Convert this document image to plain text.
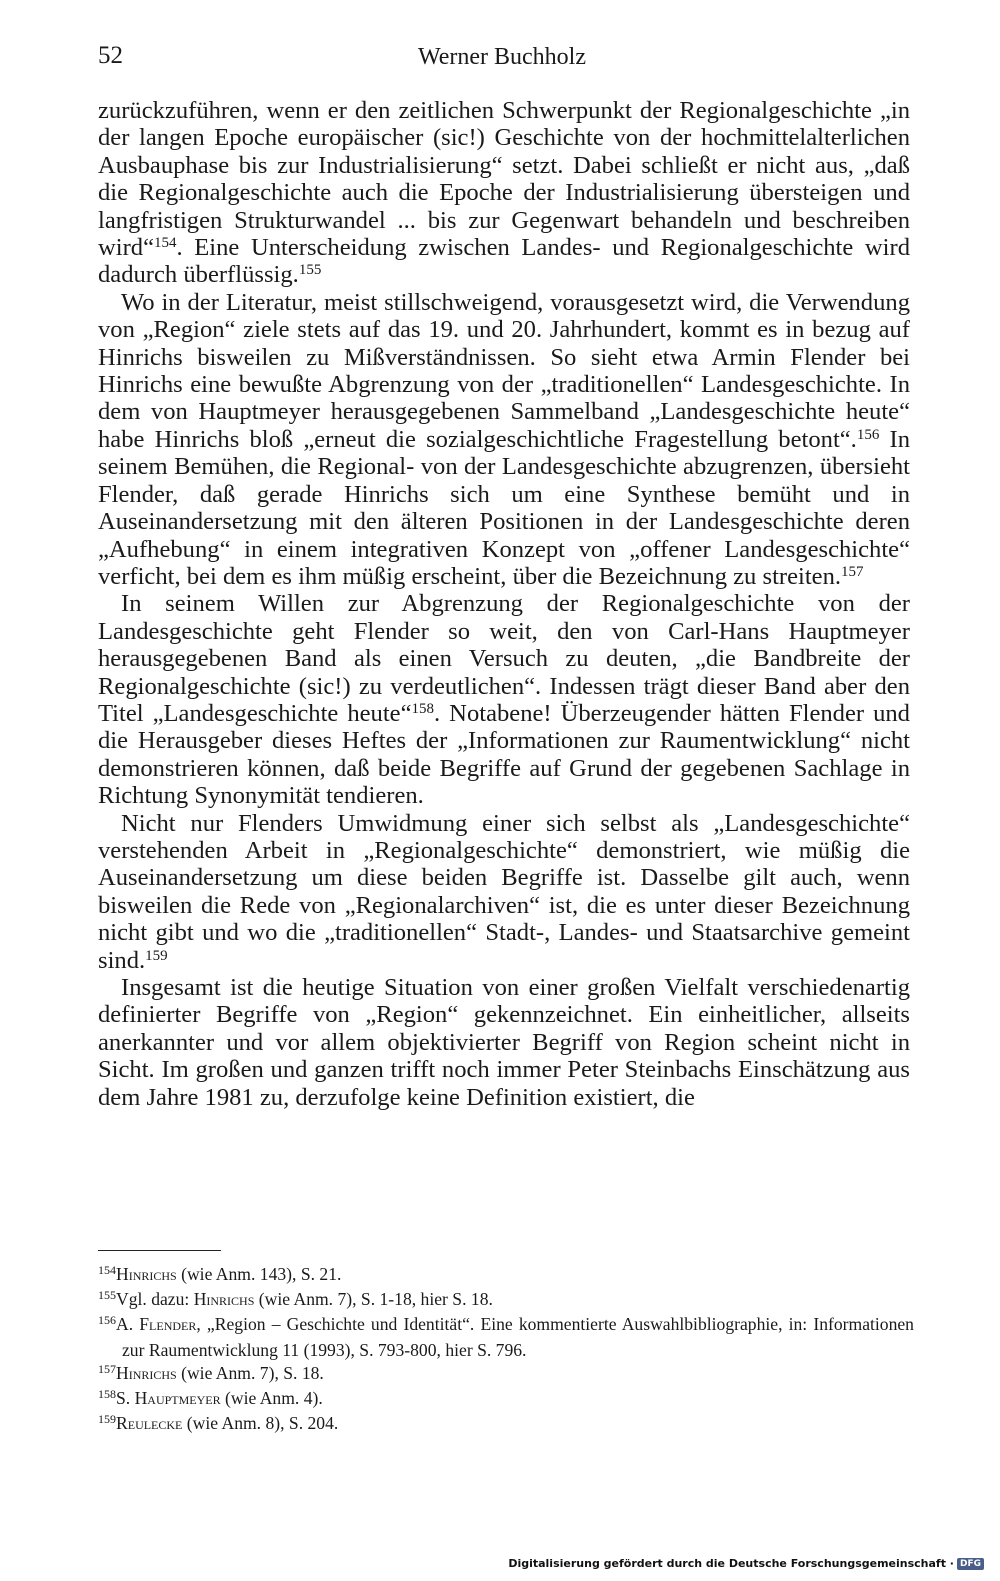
52	Werner Buchholz

zurückzuführen, wenn er den zeitlichen Schwerpunkt der Regionalgeschichte „in der langen Epoche europäischer (sic!) Geschichte von der hochmittelalterlichen Ausbauphase bis zur Industrialisierung“ setzt. Dabei schließt er nicht aus, „daß die Regionalgeschichte auch die Epoche der Industrialisierung übersteigen und langfristigen Strukturwandel ... bis zur Gegenwart behandeln und beschreiben wird“$^{154}$. Eine Unterscheidung zwischen Landes- und Regionalgeschichte wird dadurch überflüssig.$^{155}$

Wo in der Literatur, meist stillschweigend, vorausgesetzt wird, die Verwendung von „Region“ ziele stets auf das 19. und 20. Jahrhundert, kommt es in bezug auf Hinrichs bisweilen zu Mißverständnissen. So sieht etwa Armin Flender bei Hinrichs eine bewußte Abgrenzung von der „traditionellen“ Landesgeschichte. In dem von Hauptmeyer herausgegebenen Sammelband „Landesgeschichte heute“ habe Hinrichs bloß „erneut die sozialgeschichtliche Fragestellung betont“.$^{156}$ In seinem Bemühen, die Regional- von der Landesgeschichte abzugrenzen, übersieht Flender, daß gerade Hinrichs sich um eine Synthese bemüht und in Auseinandersetzung mit den älteren Positionen in der Landesgeschichte deren „Aufhebung“ in einem integrativen Konzept von „offener Landesgeschichte“ verficht, bei dem es ihm müßig erscheint, über die Bezeichnung zu streiten.$^{157}$

In seinem Willen zur Abgrenzung der Regionalgeschichte von der Landesgeschichte geht Flender so weit, den von Carl-Hans Hauptmeyer herausgegebenen Band als einen Versuch zu deuten, „die Bandbreite der Regionalgeschichte (sic!) zu verdeutlichen“. Indessen trägt dieser Band aber den Titel „Landesgeschichte heute“$^{158}$. Notabene! Überzeugender hätten Flender und die Herausgeber dieses Heftes der „Informationen zur Raumentwicklung“ nicht demonstrieren können, daß beide Begriffe auf Grund der gegebenen Sachlage in Richtung Synonymität tendieren.

Nicht nur Flenders Umwidmung einer sich selbst als „Landesgeschichte“ verstehenden Arbeit in „Regionalgeschichte“ demonstriert, wie müßig die Auseinandersetzung um diese beiden Begriffe ist. Dasselbe gilt auch, wenn bisweilen die Rede von „Regionalarchiven“ ist, die es unter dieser Bezeichnung nicht gibt und wo die „traditionellen“ Stadt-, Landes- und Staatsarchive gemeint sind.$^{159}$

Insgesamt ist die heutige Situation von einer großen Vielfalt verschiedenartig definierter Begriffe von „Region“ gekennzeichnet. Ein einheitlicher, allseits anerkannter und vor allem objektivierter Begriff von Region scheint nicht in Sicht. Im großen und ganzen trifft noch immer Peter Steinbachs Einschätzung aus dem Jahre 1981 zu, derzufolge keine Definition existiert, die

$^{154}$Hinrichs (wie Anm. 143), S. 21.

$^{155}$Vgl. dazu: Hinrichs (wie Anm. 7), S. 1-18, hier S. 18.

$^{156}$A. Flender, „Region – Geschichte und Identität“. Eine kommentierte Auswahlbibliographie, in: Informationen zur Raumentwicklung 11 (1993), S. 793-800, hier S. 796.

$^{157}$Hinrichs (wie Anm. 7), S. 18.

$^{158}$S. Hauptmeyer (wie Anm. 4).

$^{159}$Reulecke (wie Anm. 8), S. 204.

Digitalisierung gefördert durch die Deutsche Forschungsgemeinschaft · DFG
